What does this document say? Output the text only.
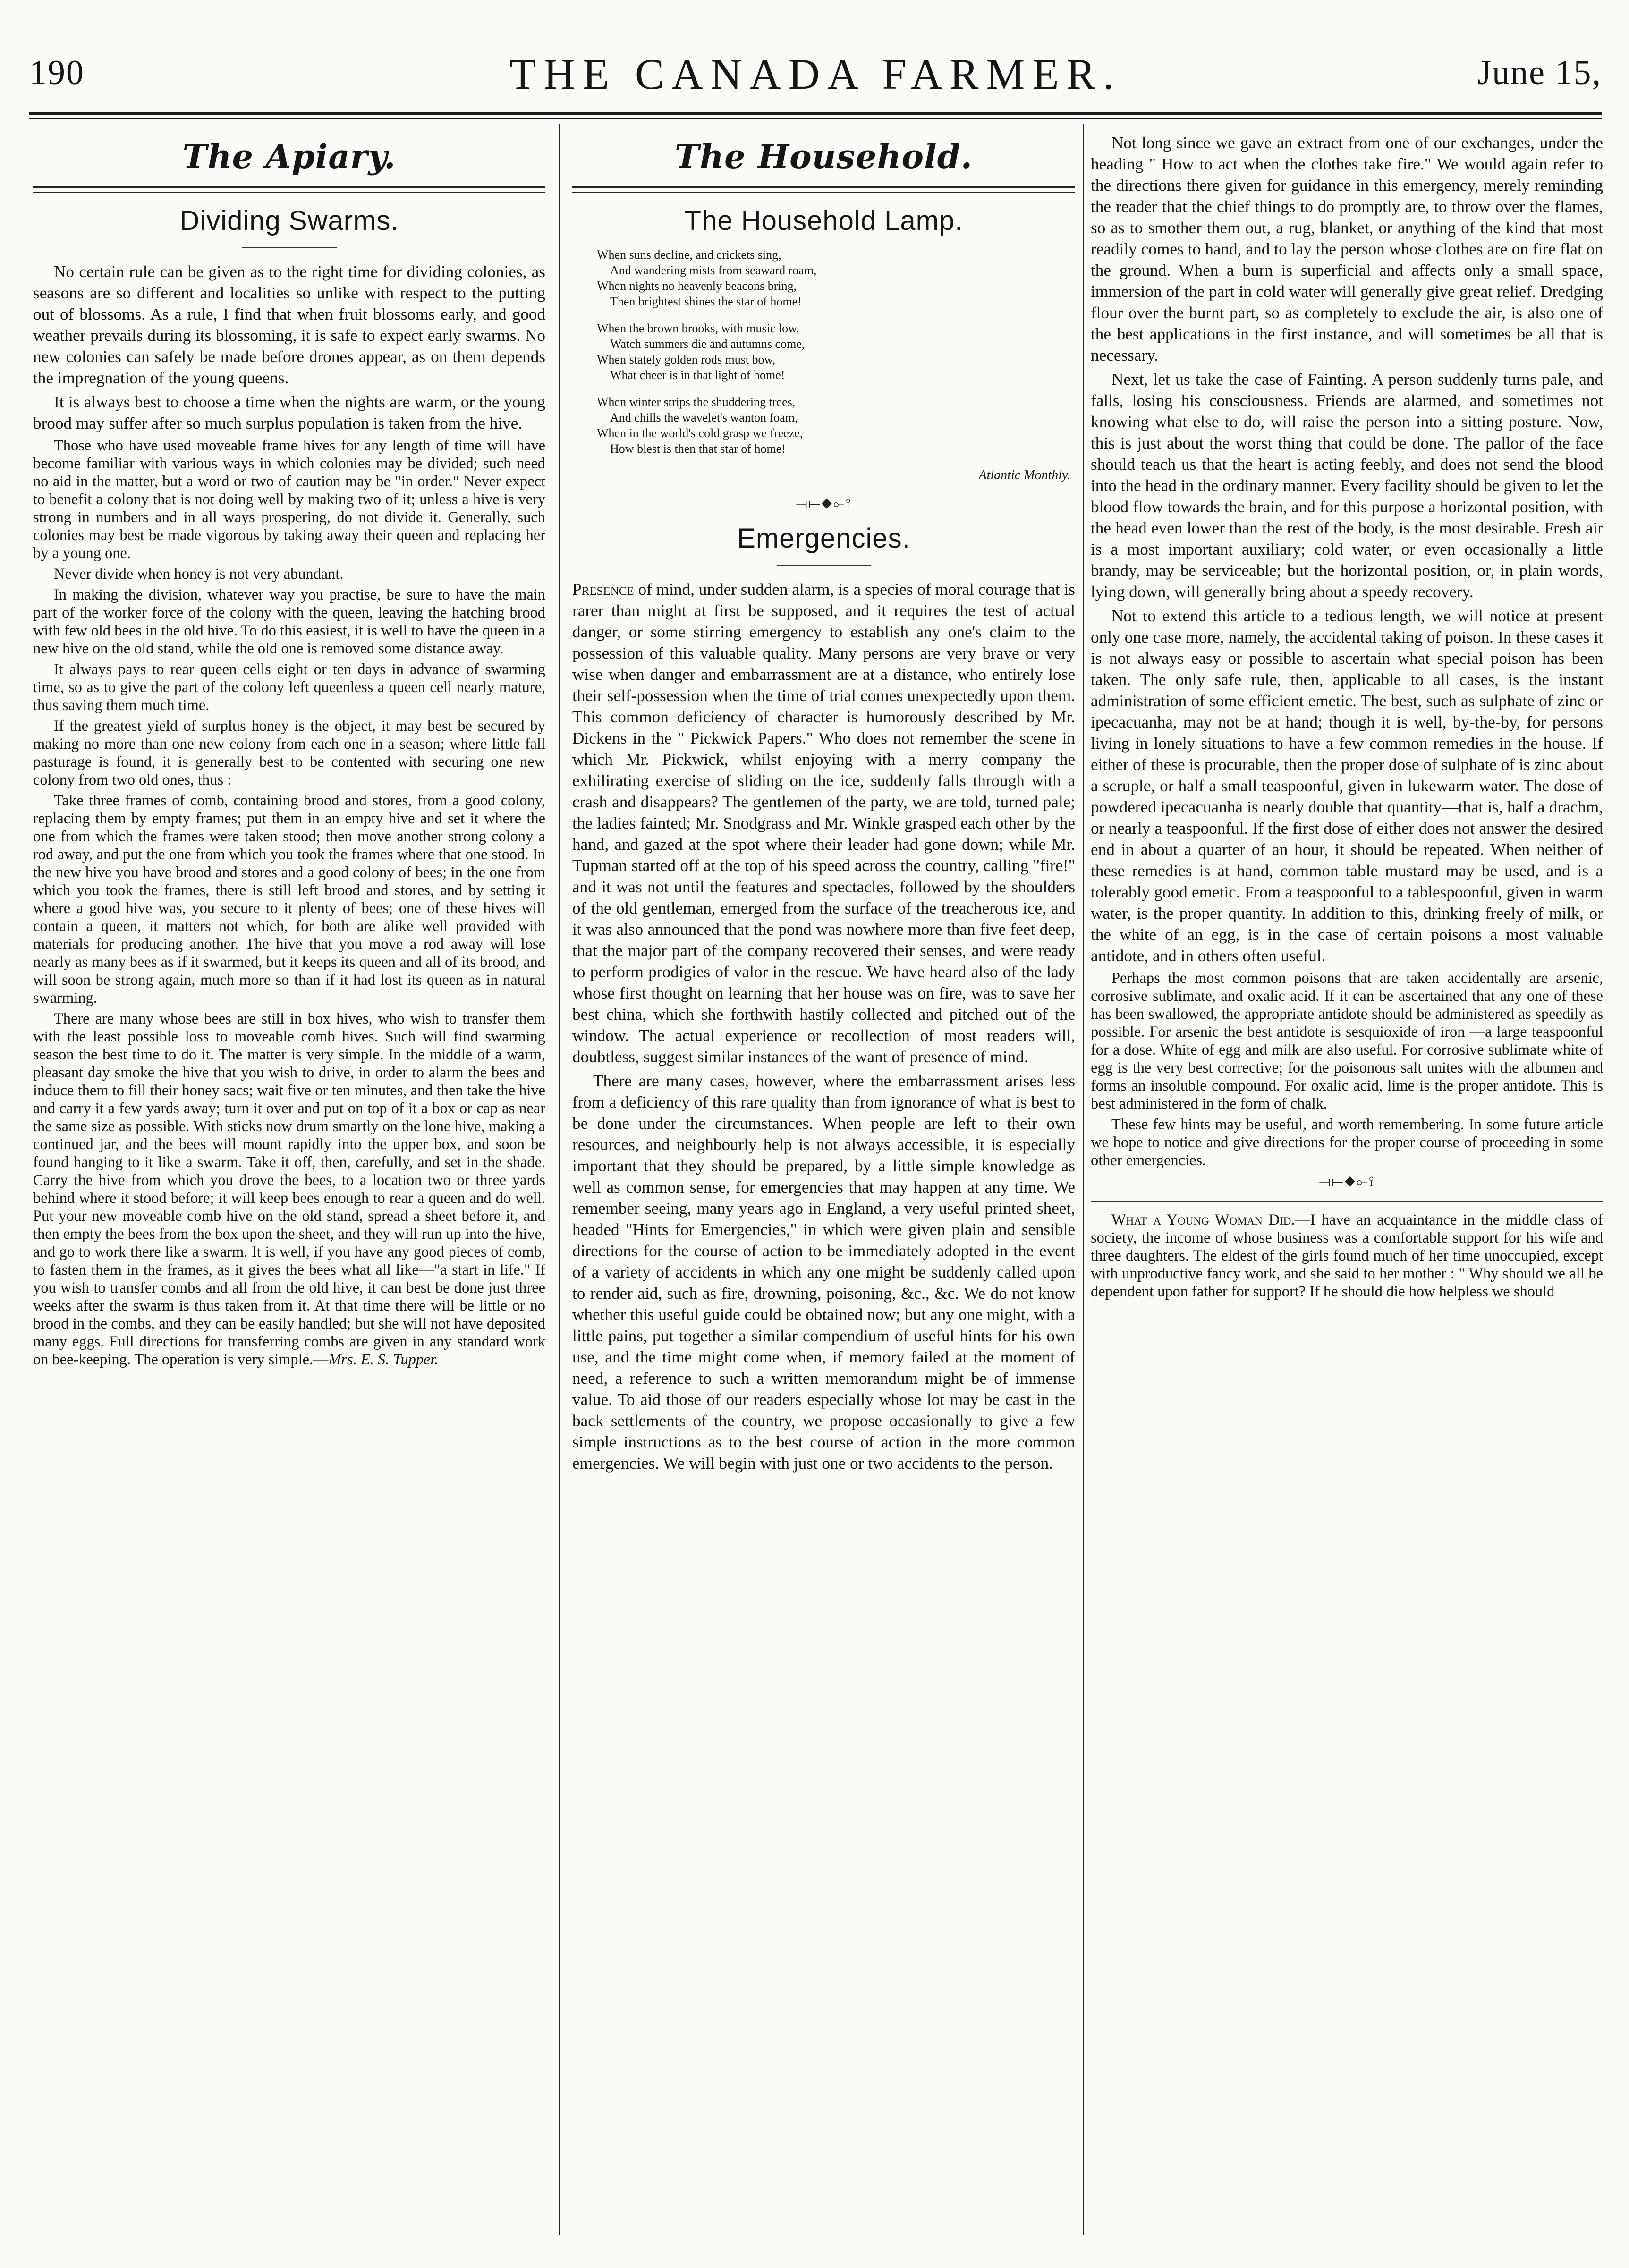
190	THE CANADA FARMER.	June 15,
The Apiary.
Dividing Swarms.

No certain rule can be given as to the right time for dividing colonies, as seasons are so different and localities so unlike with respect to the putting out of blossoms. As a rule, I find that when fruit blossoms early, and good weather prevails during its blossoming, it is safe to expect early swarms. No new colonies can safely be made before drones appear, as on them depends the impregnation of the young queens.

It is always best to choose a time when the nights are warm, or the young brood may suffer after so much surplus population is taken from the hive.

Those who have used moveable frame hives for any length of time will have become familiar with various ways in which colonies may be divided; such need no aid in the matter, but a word or two of caution may be "in order." Never expect to benefit a colony that is not doing well by making two of it; unless a hive is very strong in numbers and in all ways prospering, do not divide it. Generally, such colonies may best be made vigorous by taking away their queen and replacing her by a young one.

Never divide when honey is not very abundant.

In making the division, whatever way you practise, be sure to have the main part of the worker force of the colony with the queen, leaving the hatching brood with few old bees in the old hive. To do this easiest, it is well to have the queen in a new hive on the old stand, while the old one is removed some distance away.

It always pays to rear queen cells eight or ten days in advance of swarming time, so as to give the part of the colony left queenless a queen cell nearly mature, thus saving them much time.

If the greatest yield of surplus honey is the object, it may best be secured by making no more than one new colony from each one in a season; where little fall pasturage is found, it is generally best to be contented with securing one new colony from two old ones, thus :

Take three frames of comb, containing brood and stores, from a good colony, replacing them by empty frames; put them in an empty hive and set it where the one from which the frames were taken stood; then move another strong colony a rod away, and put the one from which you took the frames where that one stood. In the new hive you have brood and stores and a good colony of bees; in the one from which you took the frames, there is still left brood and stores, and by setting it where a good hive was, you secure to it plenty of bees; one of these hives will contain a queen, it matters not which, for both are alike well provided with materials for producing another. The hive that you move a rod away will lose nearly as many bees as if it swarmed, but it keeps its queen and all of its brood, and will soon be strong again, much more so than if it had lost its queen as in natural swarming.

There are many whose bees are still in box hives, who wish to transfer them with the least possible loss to moveable comb hives. Such will find swarming season the best time to do it. The matter is very simple. In the middle of a warm, pleasant day smoke the hive that you wish to drive, in order to alarm the bees and induce them to fill their honey sacs; wait five or ten minutes, and then take the hive and carry it a few yards away; turn it over and put on top of it a box or cap as near the same size as possible. With sticks now drum smartly on the lone hive, making a continued jar, and the bees will mount rapidly into the upper box, and soon be found hanging to it like a swarm. Take it off, then, carefully, and set in the shade. Carry the hive from which you drove the bees, to a location two or three yards behind where it stood before; it will keep bees enough to rear a queen and do well. Put your new moveable comb hive on the old stand, spread a sheet before it, and then empty the bees from the box upon the sheet, and they will run up into the hive, and go to work there like a swarm. It is well, if you have any good pieces of comb, to fasten them in the frames, as it gives the bees what all like—"a start in life." If you wish to transfer combs and all from the old hive, it can best be done just three weeks after the swarm is thus taken from it. At that time there will be little or no brood in the combs, and they can be easily handled; but she will not have deposited many eggs. Full directions for transferring combs are given in any standard work on bee-keeping. The operation is very simple.—Mrs. E. S. Tupper.

The Household.
The Household Lamp.
When suns decline, and crickets sing,
And wandering mists from seaward roam,
When nights no heavenly beacons bring,
Then brightest shines the star of home!
When the brown brooks, with music low,
Watch summers die and autumns come,
When stately golden rods must bow,
What cheer is in that light of home!
When winter strips the shuddering trees,
And chills the wavelet's wanton foam,
When in the world's cold grasp we freeze,
How blest is then that star of home!
Atlantic Monthly.
⟞⟝◆⟜⟟
Emergencies.

Presence of mind, under sudden alarm, is a species of moral courage that is rarer than might at first be supposed, and it requires the test of actual danger, or some stirring emergency to establish any one's claim to the possession of this valuable quality. Many persons are very brave or very wise when danger and embarrassment are at a distance, who entirely lose their self-possession when the time of trial comes unexpectedly upon them. This common deficiency of character is humorously described by Mr. Dickens in the " Pickwick Papers." Who does not remember the scene in which Mr. Pickwick, whilst enjoying with a merry company the exhilirating exercise of sliding on the ice, suddenly falls through with a crash and disappears? The gentlemen of the party, we are told, turned pale; the ladies fainted; Mr. Snodgrass and Mr. Winkle grasped each other by the hand, and gazed at the spot where their leader had gone down; while Mr. Tupman started off at the top of his speed across the country, calling "fire!" and it was not until the features and spectacles, followed by the shoulders of the old gentleman, emerged from the surface of the treacherous ice, and it was also announced that the pond was nowhere more than five feet deep, that the major part of the company recovered their senses, and were ready to perform prodigies of valor in the rescue. We have heard also of the lady whose first thought on learning that her house was on fire, was to save her best china, which she forthwith hastily collected and pitched out of the window. The actual experience or recollection of most readers will, doubtless, suggest similar instances of the want of presence of mind.

There are many cases, however, where the embarrassment arises less from a deficiency of this rare quality than from ignorance of what is best to be done under the circumstances. When people are left to their own resources, and neighbourly help is not always accessible, it is especially important that they should be prepared, by a little simple knowledge as well as common sense, for emergencies that may happen at any time. We remember seeing, many years ago in England, a very useful printed sheet, headed "Hints for Emergencies," in which were given plain and sensible directions for the course of action to be immediately adopted in the event of a variety of accidents in which any one might be suddenly called upon to render aid, such as fire, drowning, poisoning, &c., &c. We do not know whether this useful guide could be obtained now; but any one might, with a little pains, put together a similar compendium of useful hints for his own use, and the time might come when, if memory failed at the moment of need, a reference to such a written memorandum might be of immense value. To aid those of our readers especially whose lot may be cast in the back settlements of the country, we propose occasionally to give a few simple instructions as to the best course of action in the more common emergencies. We will begin with just one or two accidents to the person.

Not long since we gave an extract from one of our exchanges, under the heading " How to act when the clothes take fire." We would again refer to the directions there given for guidance in this emergency, merely reminding the reader that the chief things to do promptly are, to throw over the flames, so as to smother them out, a rug, blanket, or anything of the kind that most readily comes to hand, and to lay the person whose clothes are on fire flat on the ground. When a burn is superficial and affects only a small space, immersion of the part in cold water will generally give great relief. Dredging flour over the burnt part, so as completely to exclude the air, is also one of the best applications in the first instance, and will sometimes be all that is necessary.

Next, let us take the case of Fainting. A person suddenly turns pale, and falls, losing his consciousness. Friends are alarmed, and sometimes not knowing what else to do, will raise the person into a sitting posture. Now, this is just about the worst thing that could be done. The pallor of the face should teach us that the heart is acting feebly, and does not send the blood into the head in the ordinary manner. Every facility should be given to let the blood flow towards the brain, and for this purpose a horizontal position, with the head even lower than the rest of the body, is the most desirable. Fresh air is a most important auxiliary; cold water, or even occasionally a little brandy, may be serviceable; but the horizontal position, or, in plain words, lying down, will generally bring about a speedy recovery.

Not to extend this article to a tedious length, we will notice at present only one case more, namely, the accidental taking of poison. In these cases it is not always easy or possible to ascertain what special poison has been taken. The only safe rule, then, applicable to all cases, is the instant administration of some efficient emetic. The best, such as sulphate of zinc or ipecacuanha, may not be at hand; though it is well, by-the-by, for persons living in lonely situations to have a few common remedies in the house. If either of these is procurable, then the proper dose of sulphate of is zinc about a scruple, or half a small teaspoonful, given in lukewarm water. The dose of powdered ipecacuanha is nearly double that quantity—that is, half a drachm, or nearly a teaspoonful. If the first dose of either does not answer the desired end in about a quarter of an hour, it should be repeated. When neither of these remedies is at hand, common table mustard may be used, and is a tolerably good emetic. From a teaspoonful to a tablespoonful, given in warm water, is the proper quantity. In addition to this, drinking freely of milk, or the white of an egg, is in the case of certain poisons a most valuable antidote, and in others often useful.

Perhaps the most common poisons that are taken accidentally are arsenic, corrosive sublimate, and oxalic acid. If it can be ascertained that any one of these has been swallowed, the appropriate antidote should be administered as speedily as possible. For arsenic the best antidote is sesquioxide of iron —a large teaspoonful for a dose. White of egg and milk are also useful. For corrosive sublimate white of egg is the very best corrective; for the poisonous salt unites with the albumen and forms an insoluble compound. For oxalic acid, lime is the proper antidote. This is best administered in the form of chalk.

These few hints may be useful, and worth remembering. In some future article we hope to notice and give directions for the proper course of proceeding in some other emergencies.

⟞⟝◆⟜⟟

What a Young Woman Did.—I have an acquaintance in the middle class of society, the income of whose business was a comfortable support for his wife and three daughters. The eldest of the girls found much of her time unoccupied, except with unproductive fancy work, and she said to her mother : " Why should we all be dependent upon father for support? If he should die how helpless we should
